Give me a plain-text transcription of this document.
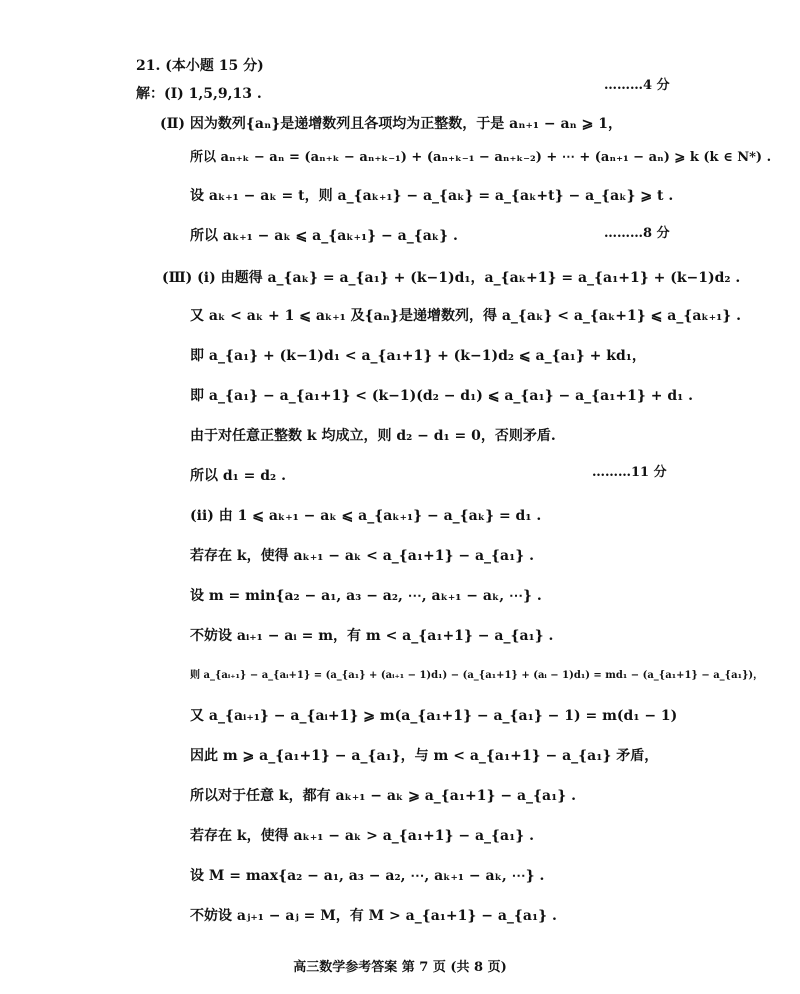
21. (本小题 15 分)
解：(Ⅰ) 1,5,9,13 .
………4 分
(Ⅱ) 因为数列{aₙ}是递增数列且各项均为正整数，于是 aₙ₊₁ − aₙ ⩾ 1，
所以 aₙ₊ₖ − aₙ = (aₙ₊ₖ − aₙ₊ₖ₋₁) + (aₙ₊ₖ₋₁ − aₙ₊ₖ₋₂) + ⋯ + (aₙ₊₁ − aₙ) ⩾ k (k ∈ N*) .
设 aₖ₊₁ − aₖ = t，则 a_{aₖ₊₁} − a_{aₖ} = a_{aₖ+t} − a_{aₖ} ⩾ t .
所以 aₖ₊₁ − aₖ ⩽ a_{aₖ₊₁} − a_{aₖ} .	………8 分
(Ⅲ) (ⅰ) 由题得 a_{aₖ} = a_{a₁} + (k−1)d₁，a_{aₖ+1} = a_{a₁+1} + (k−1)d₂ .
又 aₖ < aₖ + 1 ⩽ aₖ₊₁ 及{aₙ}是递增数列，得 a_{aₖ} < a_{aₖ+1} ⩽ a_{aₖ₊₁} .
即 a_{a₁} + (k−1)d₁ < a_{a₁+1} + (k−1)d₂ ⩽ a_{a₁} + kd₁，
即 a_{a₁} − a_{a₁+1} < (k−1)(d₂ − d₁) ⩽ a_{a₁} − a_{a₁+1} + d₁ .
由于对任意正整数 k 均成立，则 d₂ − d₁ = 0，否则矛盾.
所以 d₁ = d₂ .	………11 分
(ⅱ) 由 1 ⩽ aₖ₊₁ − aₖ ⩽ a_{aₖ₊₁} − a_{aₖ} = d₁ .
若存在 k，使得 aₖ₊₁ − aₖ < a_{a₁+1} − a_{a₁} .
设 m = min{a₂ − a₁, a₃ − a₂, ⋯, aₖ₊₁ − aₖ, ⋯} .
不妨设 aᵢ₊₁ − aᵢ = m，有 m < a_{a₁+1} − a_{a₁} .
则 a_{aᵢ₊₁} − a_{aᵢ+1} = (a_{a₁} + (aᵢ₊₁ − 1)d₁) − (a_{a₁+1} + (aᵢ − 1)d₁) = md₁ − (a_{a₁+1} − a_{a₁})，
又 a_{aᵢ₊₁} − a_{aᵢ+1} ⩾ m(a_{a₁+1} − a_{a₁} − 1) = m(d₁ − 1)
因此 m ⩾ a_{a₁+1} − a_{a₁}，与 m < a_{a₁+1} − a_{a₁} 矛盾，
所以对于任意 k，都有 aₖ₊₁ − aₖ ⩾ a_{a₁+1} − a_{a₁} .
若存在 k，使得 aₖ₊₁ − aₖ > a_{a₁+1} − a_{a₁} .
设 M = max{a₂ − a₁, a₃ − a₂, ⋯, aₖ₊₁ − aₖ, ⋯} .
不妨设 aⱼ₊₁ − aⱼ = M，有 M > a_{a₁+1} − a_{a₁} .
高三数学参考答案 第 7 页 (共 8 页)
